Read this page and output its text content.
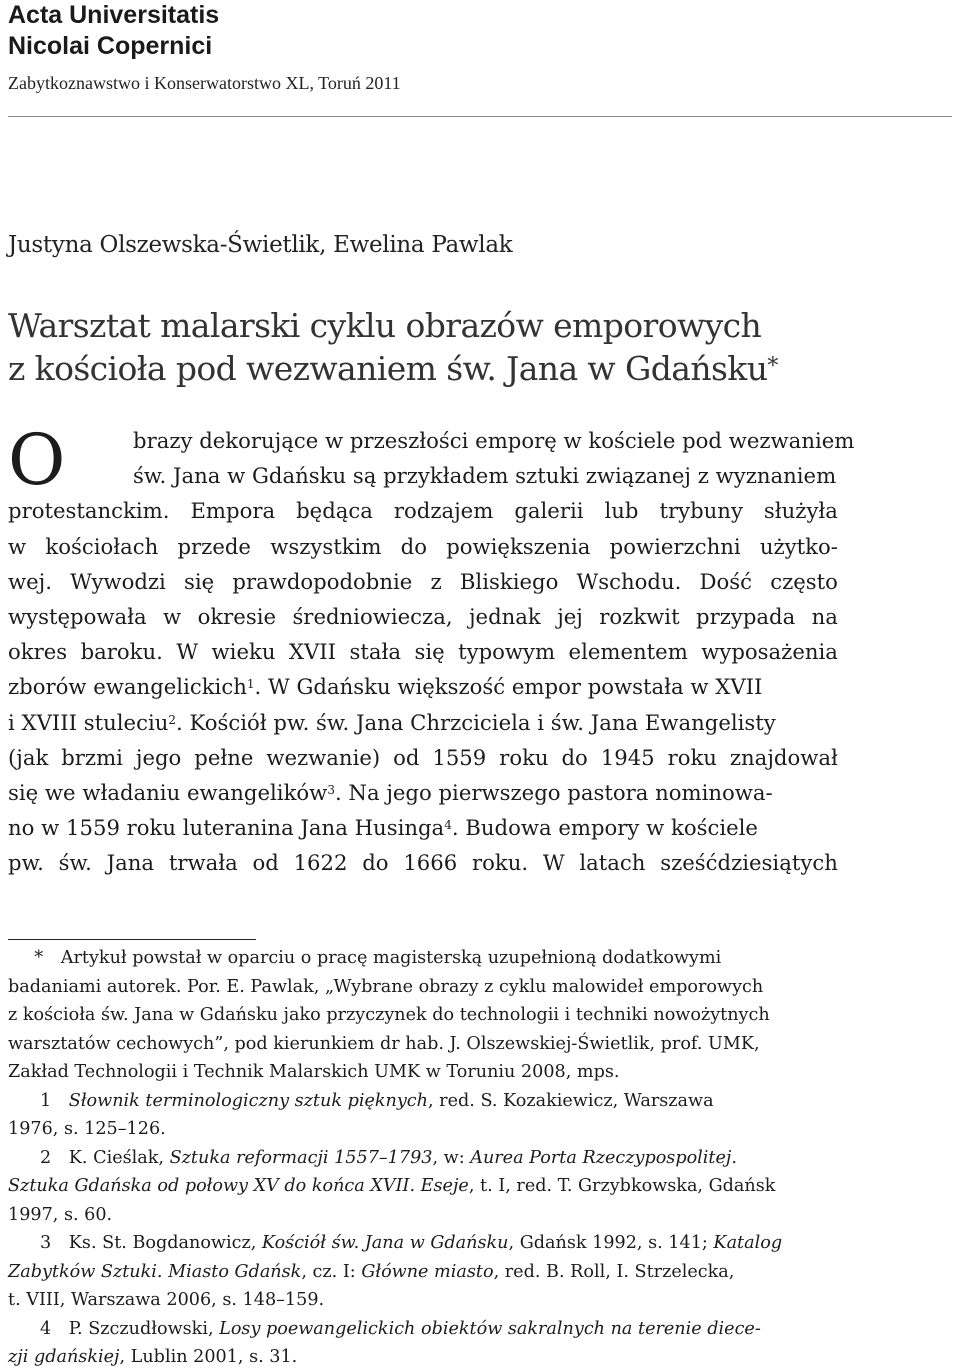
Acta Universitatis
Nicolai Copernici
Zabytkoznawstwo i Konserwatorstwo XL, Toruń 2011
Justyna Olszewska-Świetlik, Ewelina Pawlak
Warsztat malarski cyklu obrazów emporowych
z kościoła pod wezwaniem św. Jana w Gdańsku*
O	brazy dekorujące w przeszłości emporę w kościele pod wezwaniem
św. Jana w Gdańsku są przykładem sztuki związanej z wyznaniem
protestanckim. Empora będąca rodzajem galerii lub trybuny służyła
w kościołach przede wszystkim do powiększenia powierzchni użytko-
wej. Wywodzi się prawdopodobnie z Bliskiego Wschodu. Dość często
występowała w okresie średniowiecza, jednak jej rozkwit przypada na
okres baroku. W wieku XVII stała się typowym elementem wyposażenia
zborów ewangelickich$^1$. W Gdańsku większość empor powstała w XVII
i XVIII stuleciu$^2$. Kościół pw. św. Jana Chrzciciela i św. Jana Ewangelisty
(jak brzmi jego pełne wezwanie) od 1559 roku do 1945 roku znajdował
się we władaniu ewangelików$^3$. Na jego pierwszego pastora nominowa-
no w 1559 roku luteranina Jana Husinga$^4$. Budowa empory w kościele
pw. św. Jana trwała od 1622 do 1666 roku. W latach sześćdziesiątych
  *  Artykuł powstał w oparciu o pracę magisterską uzupełnioną dodatkowymi
badaniami autorek. Por. E. Pawlak, „Wybrane obrazy z cyklu malowideł emporowych
z kościoła św. Jana w Gdańsku jako przyczynek do technologii i techniki nowożytnych
warsztatów cechowych”, pod kierunkiem dr hab. J. Olszewskiej-Świetlik, prof. UMK,
Zakład Technologii i Technik Malarskich UMK w Toruniu 2008, mps.
   1  Słownik terminologiczny sztuk pięknych, red. S. Kozakiewicz, Warszawa
1976, s. 125–126.
   2  K. Cieślak, Sztuka reformacji 1557–1793, w: Aurea Porta Rzeczypospolitej.
Sztuka Gdańska od połowy XV do końca XVII. Eseje, t. I, red. T. Grzybkowska, Gdańsk
1997, s. 60.
   3  Ks. St. Bogdanowicz, Kościół św. Jana w Gdańsku, Gdańsk 1992, s. 141; Katalog
Zabytków Sztuki. Miasto Gdańsk, cz. I: Główne miasto, red. B. Roll, I. Strzelecka,
t. VIII, Warszawa 2006, s. 148–159.
   4  P. Szczudłowski, Losy poewangelickich obiektów sakralnych na terenie diece-
zji gdańskiej, Lublin 2001, s. 31.
